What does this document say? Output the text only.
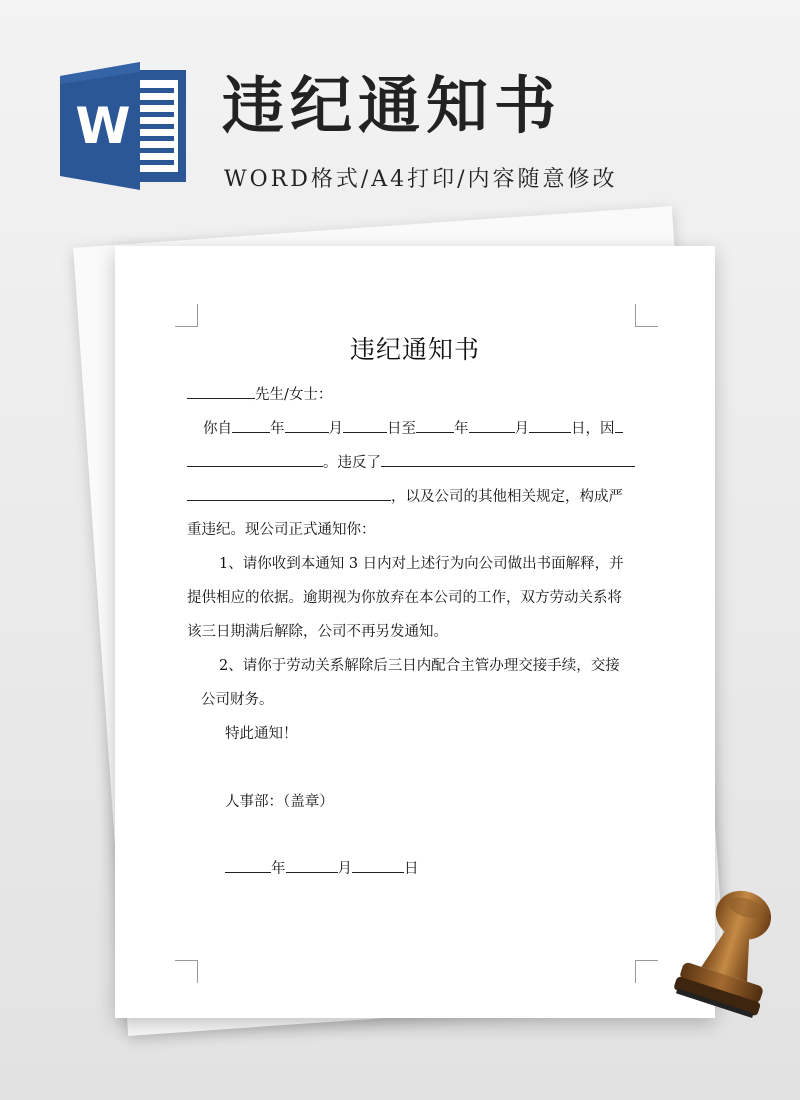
W 违纪通知书
WORD格式/A4打印/内容随意修改
违纪通知书
先生/女士：
你自	年	月	日至	年	月	日，因
。违反了
，以及公司的其他相关规定，构成严
重违纪。现公司正式通知你：
1、请你收到本通知 3 日内对上述行为向公司做出书面解释，并
提供相应的依据。逾期视为你放弃在本公司的工作，双方劳动关系将
该三日期满后解除，公司不再另发通知。
2、请你于劳动关系解除后三日内配合主管办理交接手续，交接
公司财务。
特此通知！
人事部：（盖章）
年	月	日
